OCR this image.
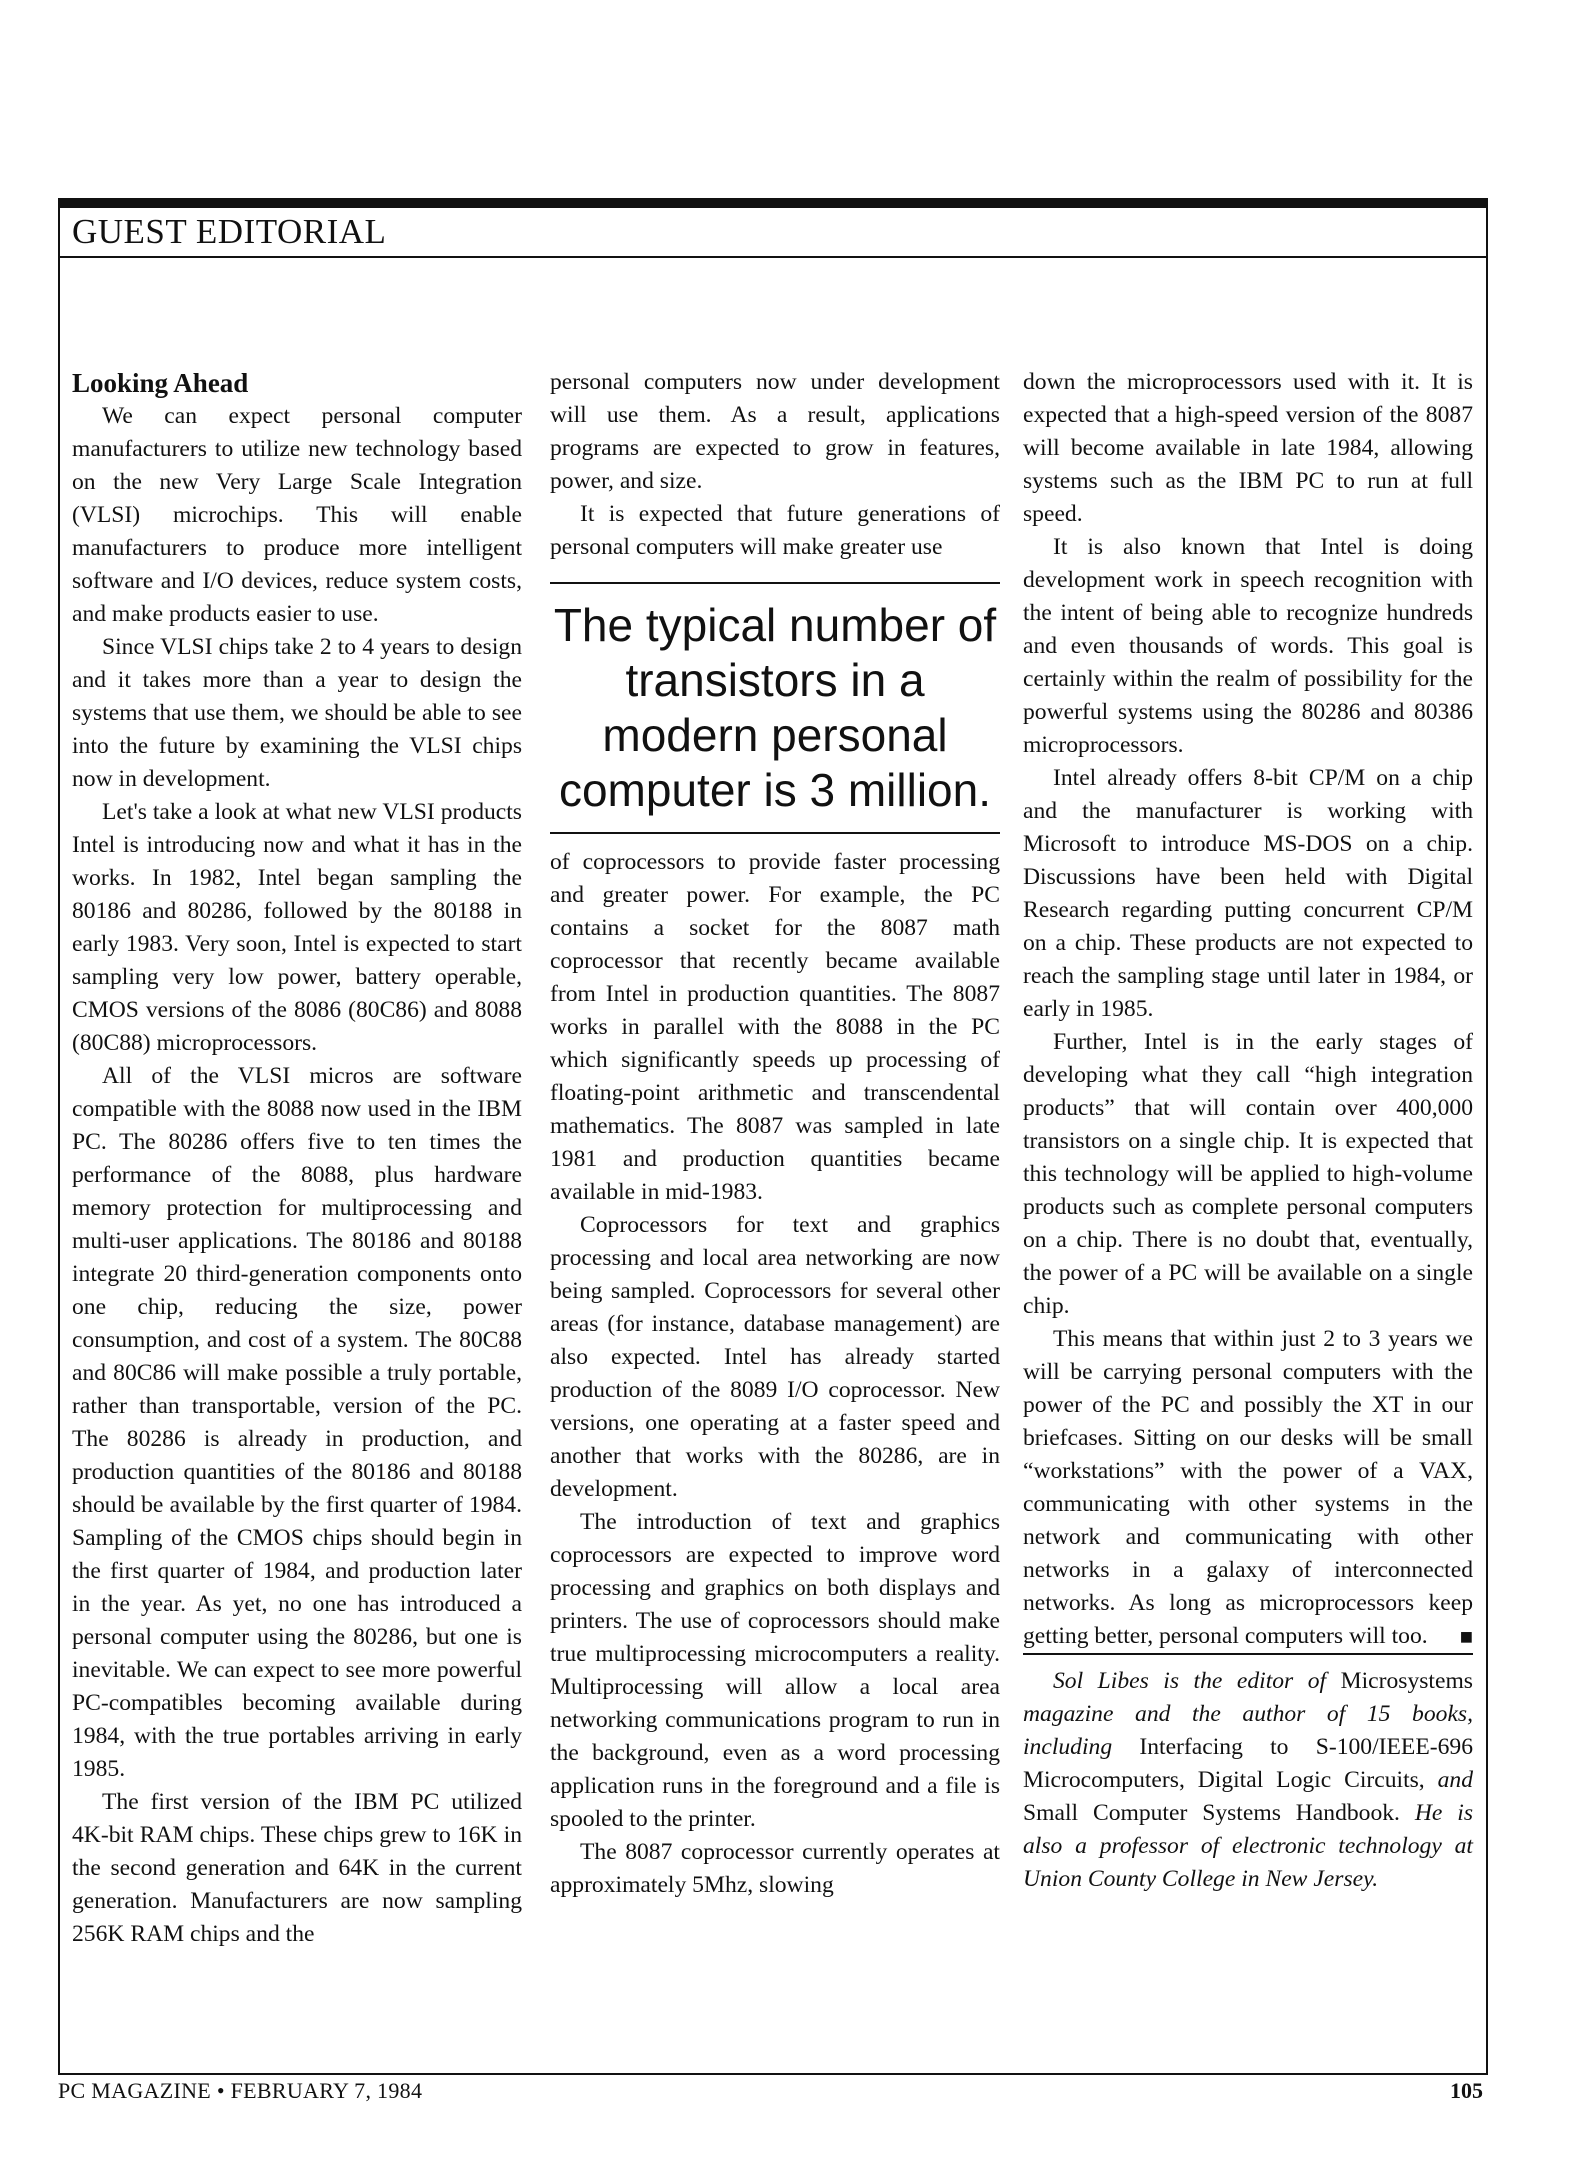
GUEST EDITORIAL
Looking Ahead

We can expect personal computer manufacturers to utilize new technology based on the new Very Large Scale Integration (VLSI) microchips. This will enable manufacturers to produce more intelligent software and I/O devices, reduce system costs, and make products easier to use.

Since VLSI chips take 2 to 4 years to design and it takes more than a year to design the systems that use them, we should be able to see into the future by examining the VLSI chips now in development.

Let's take a look at what new VLSI products Intel is introducing now and what it has in the works. In 1982, Intel began sampling the 80186 and 80286, followed by the 80188 in early 1983. Very soon, Intel is expected to start sampling very low power, battery operable, CMOS versions of the 8086 (80C86) and 8088 (80C88) microprocessors.

All of the VLSI micros are software compatible with the 8088 now used in the IBM PC. The 80286 offers five to ten times the performance of the 8088, plus hardware memory protection for multiprocessing and multi-user applications. The 80186 and 80188 integrate 20 third-generation components onto one chip, reducing the size, power consumption, and cost of a system. The 80C88 and 80C86 will make possible a truly portable, rather than transportable, version of the PC. The 80286 is already in production, and production quantities of the 80186 and 80188 should be available by the first quarter of 1984. Sampling of the CMOS chips should begin in the first quarter of 1984, and production later in the year. As yet, no one has introduced a personal computer using the 80286, but one is inevitable. We can expect to see more powerful PC-compatibles becoming available during 1984, with the true portables arriving in early 1985.

The first version of the IBM PC utilized 4K-bit RAM chips. These chips grew to 16K in the second generation and 64K in the current generation. Manufacturers are now sampling 256K RAM chips and the

personal computers now under development will use them. As a result, applications programs are expected to grow in features, power, and size.

It is expected that future generations of personal computers will make greater use

The typical number of transistors in a modern personal computer is 3 million.

of coprocessors to provide faster processing and greater power. For example, the PC contains a socket for the 8087 math coprocessor that recently became available from Intel in production quantities. The 8087 works in parallel with the 8088 in the PC which significantly speeds up processing of floating-point arithmetic and transcendental mathematics. The 8087 was sampled in late 1981 and production quantities became available in mid-1983.

Coprocessors for text and graphics processing and local area networking are now being sampled. Coprocessors for several other areas (for instance, database management) are also expected. Intel has already started production of the 8089 I/O coprocessor. New versions, one operating at a faster speed and another that works with the 80286, are in development.

The introduction of text and graphics coprocessors are expected to improve word processing and graphics on both displays and printers. The use of coprocessors should make true multiprocessing microcomputers a reality. Multiprocessing will allow a local area networking communications program to run in the background, even as a word processing application runs in the foreground and a file is spooled to the printer.

The 8087 coprocessor currently operates at approximately 5Mhz, slowing

down the microprocessors used with it. It is expected that a high-speed version of the 8087 will become available in late 1984, allowing systems such as the IBM PC to run at full speed.

It is also known that Intel is doing development work in speech recognition with the intent of being able to recognize hundreds and even thousands of words. This goal is certainly within the realm of possibility for the powerful systems using the 80286 and 80386 microprocessors.

Intel already offers 8-bit CP/M on a chip and the manufacturer is working with Microsoft to introduce MS-DOS on a chip. Discussions have been held with Digital Research regarding putting concurrent CP/M on a chip. These products are not expected to reach the sampling stage until later in 1984, or early in 1985.

Further, Intel is in the early stages of developing what they call “high integration products” that will contain over 400,000 transistors on a single chip. It is expected that this technology will be applied to high-volume products such as complete personal computers on a chip. There is no doubt that, eventually, the power of a PC will be available on a single chip.

This means that within just 2 to 3 years we will be carrying personal computers with the power of the PC and possibly the XT in our briefcases. Sitting on our desks will be small “workstations” with the power of a VAX, communicating with other systems in the network and communicating with other networks in a galaxy of interconnected networks. As long as microprocessors keep getting better, personal computers will too.	■

Sol Libes is the editor of Microsystems magazine and the author of 15 books, including Interfacing to S-100/IEEE-696 Microcomputers, Digital Logic Circuits, and Small Computer Systems Handbook. He is also a professor of electronic technology at Union County College in New Jersey.

PC MAGAZINE • FEBRUARY 7, 1984	105
